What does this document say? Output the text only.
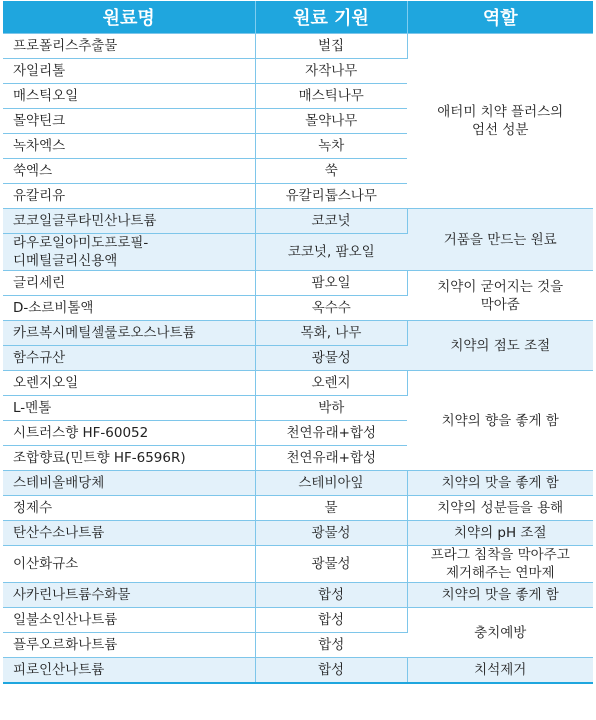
원료명	원료 기원	역할
프로폴리스추출물	벌집	애터미 치약 플러스의
엄선 성분

자일리톨	자작나무	
매스틱오일	매스틱나무	
몰약틴크	몰약나무	
녹차엑스	녹차	
쑥엑스	쑥	
유칼리유	유칼리툽스나무	
코코일글루타민산나트륨	코코넛	거품을 만드는 원료

라우로일아미도프로필-
디메틸글리신용액	코코넛, 팜오일	
글리세린	팜오일	치약이 굳어지는 것을
막아줌

D-소르비톨액	옥수수	
카르복시메틸셀룰로오스나트륨	목화, 나무	치약의 점도 조절

함수규산	광물성	
오렌지오일	오렌지	치약의 향을 좋게 함

L-멘톨	박하	
시트러스향 HF-60052	천연유래+합성	
조합향료(민트향 HF-6596R)	천연유래+합성	
스테비올배당체	스테비아잎	치약의 맛을 좋게 함

정제수	물	치약의 성분들을 용해

탄산수소나트륨	광물성	치약의 pH 조절

이산화규소	광물성	프라그 침착을 막아주고
제거해주는 연마제

사카린나트륨수화물	합성	치약의 맛을 좋게 함

일불소인산나트륨	합성	충치예방

플루오르화나트륨	합성	
피로인산나트륨	합성	치석제거
